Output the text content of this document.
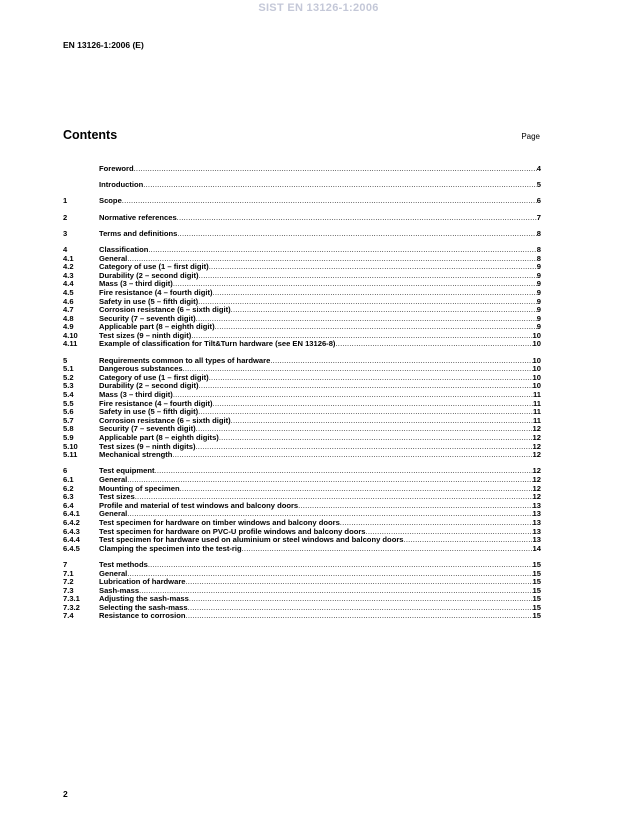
SIST EN 13126-1:2006
EN 13126-1:2006 (E)
Contents	Page
Foreword .....	4
Introduction .....	5
1	Scope .....	6
2	Normative references .....	7
3	Terms and definitions .....	8
4	Classification .....	8
4.1	General .....	8
4.2	Category of use (1 – first digit) .....	9
4.3	Durability (2 – second digit) .....	9
4.4	Mass (3 – third digit) .....	9
4.5	Fire resistance (4 – fourth digit) .....	9
4.6	Safety in use (5 – fifth digit) .....	9
4.7	Corrosion resistance (6 – sixth digit) .....	9
4.8	Security (7 – seventh digit) .....	9
4.9	Applicable part (8 – eighth digit) .....	9
4.10	Test sizes (9 – ninth digit) .....	10
4.11	Example of classification for Tilt&Turn hardware (see EN 13126-8) .....	10
5	Requirements common to all types of hardware .....	10
5.1	Dangerous substances .....	10
5.2	Category of use (1 – first digit) .....	10
5.3	Durability (2 – second digit) .....	10
5.4	Mass (3 – third digit) .....	11
5.5	Fire resistance (4 – fourth digit) .....	11
5.6	Safety in use (5 – fifth digit) .....	11
5.7	Corrosion resistance (6 – sixth digit) .....	11
5.8	Security (7 – seventh digit) .....	12
5.9	Applicable part (8 – eighth digits) .....	12
5.10	Test sizes (9 – ninth digits) .....	12
5.11	Mechanical strength .....	12
6	Test equipment .....	12
6.1	General .....	12
6.2	Mounting of specimen .....	12
6.3	Test sizes .....	12
6.4	Profile and material of test windows and balcony doors .....	13
6.4.1	General .....	13
6.4.2	Test specimen for hardware on timber windows and balcony doors .....	13
6.4.3	Test specimen for hardware on PVC-U profile windows and balcony doors .....	13
6.4.4	Test specimen for hardware used on aluminium or steel windows and balcony doors .....	13
6.4.5	Clamping the specimen into the test-rig .....	14
7	Test methods .....	15
7.1	General .....	15
7.2	Lubrication of hardware .....	15
7.3	Sash-mass .....	15
7.3.1	Adjusting the sash-mass .....	15
7.3.2	Selecting the sash-mass .....	15
7.4	Resistance to corrosion .....	15
2
